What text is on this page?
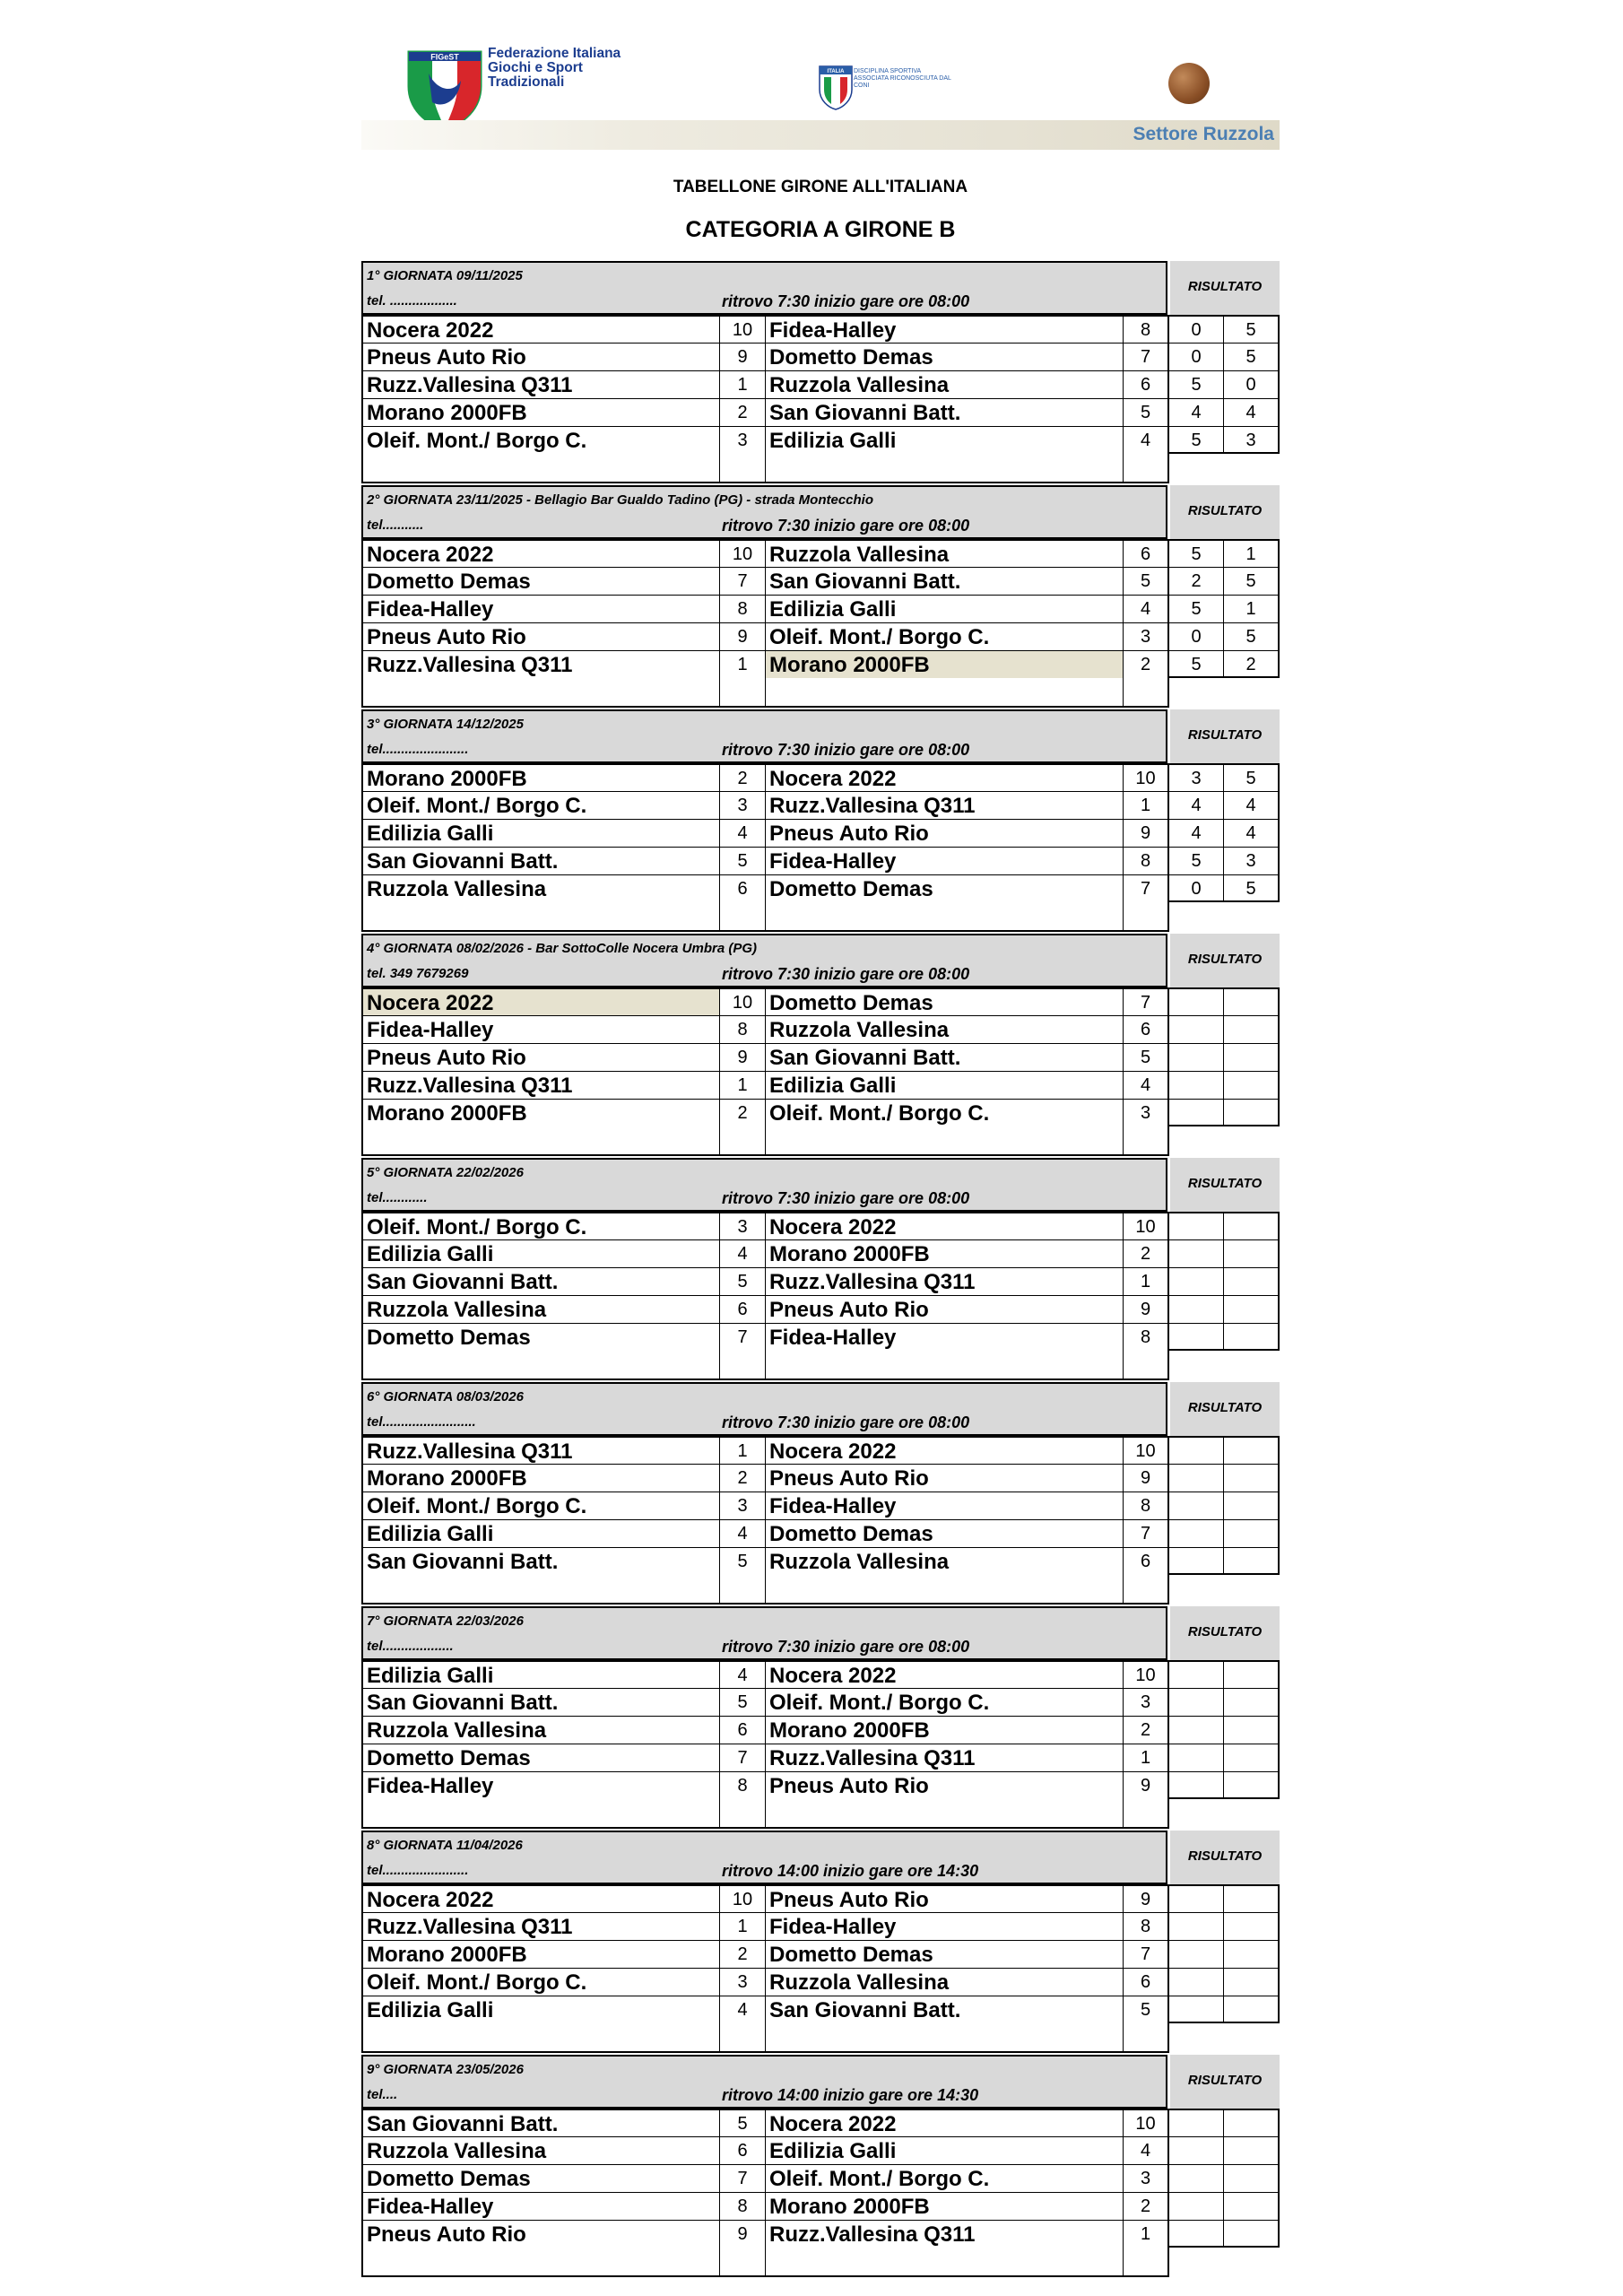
FIGeST Federazione Italiana
Giochi e Sport
Tradizionali
ITALIA DISCIPLINA SPORTIVA ASSOCIATA RICONOSCIUTA DAL CONI
Settore Ruzzola
TABELLONE GIRONE ALL'ITALIANA
CATEGORIA A GIRONE B
1° GIORNATA 09/11/2025
tel. ..................	ritrovo 7:30 inizio gare ore 08:00
RISULTATO
Nocera 2022	10 Fidea-Halley	8	0	5
Pneus Auto Rio	9	Dometto Demas	7	0	5
Ruzz.Vallesina Q311	1	Ruzzola Vallesina	6	5	0
Morano 2000FB	2	San Giovanni Batt.	5	4	4
Oleif. Mont./ Borgo C.	3	Edilizia Galli	4	5	3
2° GIORNATA 23/11/2025 - Bellagio Bar Gualdo Tadino (PG) - strada Montecchio
tel...........	ritrovo 7:30 inizio gare ore 08:00
RISULTATO
Nocera 2022	10 Ruzzola Vallesina	6	5	1
Dometto Demas	7	San Giovanni Batt.	5	2	5
Fidea-Halley	8	Edilizia Galli	4	5	1
Pneus Auto Rio	9	Oleif. Mont./ Borgo C.	3	0	5
Ruzz.Vallesina Q311	1	Morano 2000FB	2	5	2
3° GIORNATA 14/12/2025
tel.......................	ritrovo 7:30 inizio gare ore 08:00
RISULTATO
Morano 2000FB	2	Nocera 2022	10	3	5
Oleif. Mont./ Borgo C.	3	Ruzz.Vallesina Q311	1	4	4
Edilizia Galli	4	Pneus Auto Rio	9	4	4
San Giovanni Batt.	5	Fidea-Halley	8	5	3
Ruzzola Vallesina	6	Dometto Demas	7	0	5
4° GIORNATA 08/02/2026 - Bar SottoColle Nocera Umbra (PG)
tel. 349 7679269	ritrovo 7:30 inizio gare ore 08:00
RISULTATO
Nocera 2022	10 Dometto Demas	7
Fidea-Halley	8	Ruzzola Vallesina	6
Pneus Auto Rio	9	San Giovanni Batt.	5
Ruzz.Vallesina Q311	1	Edilizia Galli	4
Morano 2000FB	2	Oleif. Mont./ Borgo C.	3
5° GIORNATA 22/02/2026
tel............	ritrovo 7:30 inizio gare ore 08:00
RISULTATO
Oleif. Mont./ Borgo C.	3	Nocera 2022	10
Edilizia Galli	4	Morano 2000FB	2
San Giovanni Batt.	5	Ruzz.Vallesina Q311	1
Ruzzola Vallesina	6	Pneus Auto Rio	9
Dometto Demas	7	Fidea-Halley	8
6° GIORNATA 08/03/2026
tel.........................	ritrovo 7:30 inizio gare ore 08:00
RISULTATO
Ruzz.Vallesina Q311	1	Nocera 2022	10
Morano 2000FB	2	Pneus Auto Rio	9
Oleif. Mont./ Borgo C.	3	Fidea-Halley	8
Edilizia Galli	4	Dometto Demas	7
San Giovanni Batt.	5	Ruzzola Vallesina	6
7° GIORNATA 22/03/2026
tel...................	ritrovo 7:30 inizio gare ore 08:00
RISULTATO
Edilizia Galli	4	Nocera 2022	10
San Giovanni Batt.	5	Oleif. Mont./ Borgo C.	3
Ruzzola Vallesina	6	Morano 2000FB	2
Dometto Demas	7	Ruzz.Vallesina Q311	1
Fidea-Halley	8	Pneus Auto Rio	9
8° GIORNATA 11/04/2026
tel.......................	ritrovo 14:00 inizio gare ore 14:30
RISULTATO
Nocera 2022	10 Pneus Auto Rio	9
Ruzz.Vallesina Q311	1	Fidea-Halley	8
Morano 2000FB	2	Dometto Demas	7
Oleif. Mont./ Borgo C.	3	Ruzzola Vallesina	6
Edilizia Galli	4	San Giovanni Batt.	5
9° GIORNATA 23/05/2026
tel....	ritrovo 14:00 inizio gare ore 14:30
RISULTATO
San Giovanni Batt.	5	Nocera 2022	10
Ruzzola Vallesina	6	Edilizia Galli	4
Dometto Demas	7	Oleif. Mont./ Borgo C.	3
Fidea-Halley	8	Morano 2000FB	2
Pneus Auto Rio	9	Ruzz.Vallesina Q311	1
